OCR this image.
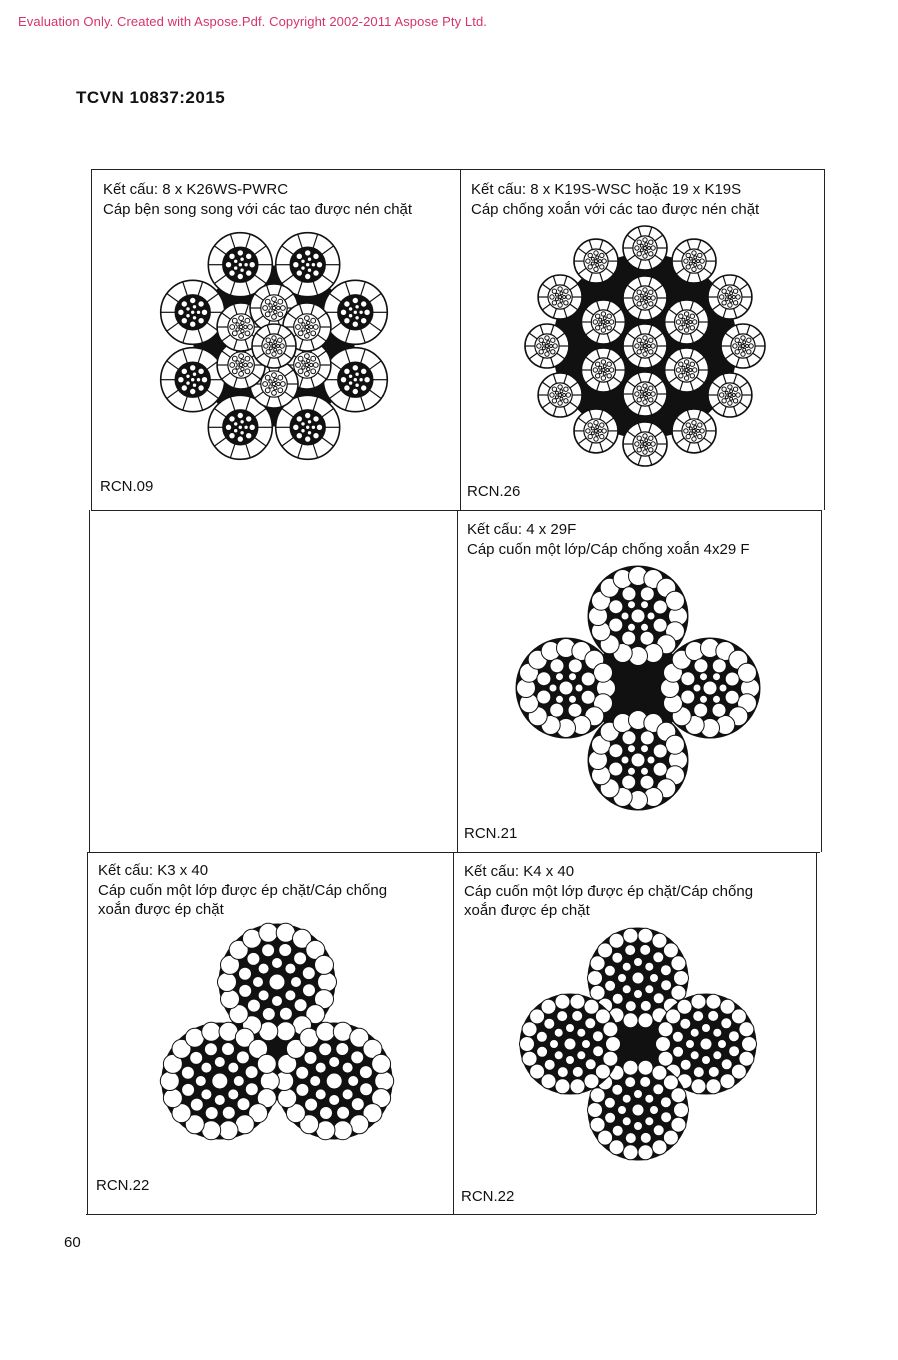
Evaluation Only. Created with Aspose.Pdf. Copyright 2002-2011 Aspose Pty Ltd.
TCVN 10837:2015
Kết cấu: 8 x K26WS-PWRC
Cáp bện song song với các tao được nén chặt
RCN.09
Kết cấu: 8 x K19S-WSC hoặc 19 x K19S
Cáp chống xoắn với các tao được nén chặt
RCN.26
Kết cấu: 4 x 29F
Cáp cuốn một lớp/Cáp chống xoắn 4x29 F
RCN.21
Kết cấu: K3 x 40
Cáp cuốn một lớp được ép chặt/Cáp chống
xoắn được ép chặt
RCN.22
Kết cấu: K4 x 40
Cáp cuốn một lớp được ép chặt/Cáp chống
xoắn được ép chặt
RCN.22
60
